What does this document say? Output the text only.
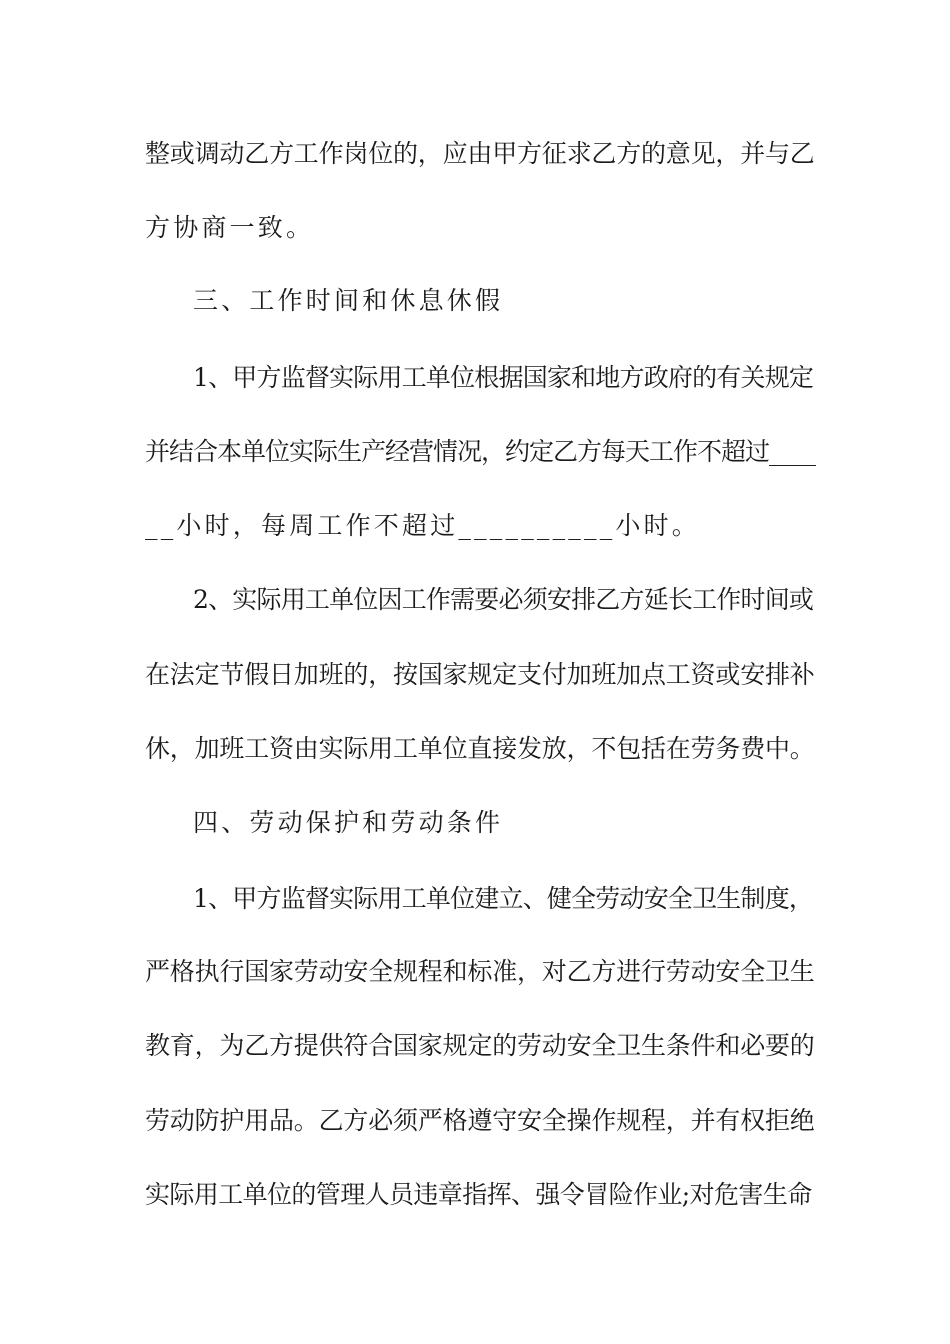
整或调动乙方工作岗位的，应由甲方征求乙方的意见，并与乙
方协商一致。
三、工作时间和休息休假
1、甲方监督实际用工单位根据国家和地方政府的有关规定
并结合本单位实际生产经营情况，约定乙方每天工作不超过____
__小时，每周工作不超过__________小时。
2、实际用工单位因工作需要必须安排乙方延长工作时间或
在法定节假日加班的，按国家规定支付加班加点工资或安排补
休，加班工资由实际用工单位直接发放，不包括在劳务费中。
四、劳动保护和劳动条件
1、甲方监督实际用工单位建立、健全劳动安全卫生制度，
严格执行国家劳动安全规程和标准，对乙方进行劳动安全卫生
教育，为乙方提供符合国家规定的劳动安全卫生条件和必要的
劳动防护用品。乙方必须严格遵守安全操作规程，并有权拒绝
实际用工单位的管理人员违章指挥、强令冒险作业;对危害生命
